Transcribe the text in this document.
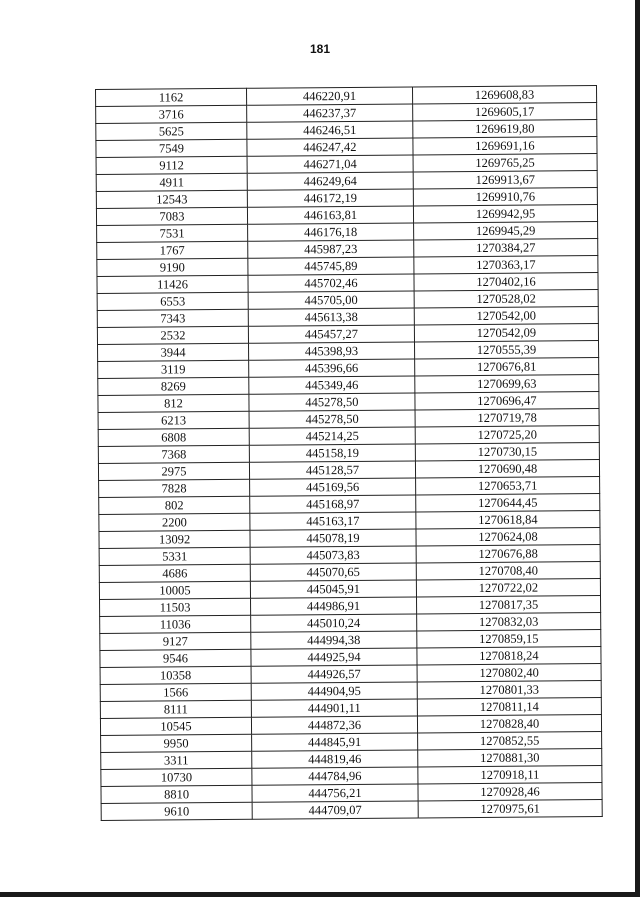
181
1162	446220,91	1269608,83
3716	446237,37	1269605,17
5625	446246,51	1269619,80
7549	446247,42	1269691,16
9112	446271,04	1269765,25
4911	446249,64	1269913,67
12543	446172,19	1269910,76
7083	446163,81	1269942,95
7531	446176,18	1269945,29
1767	445987,23	1270384,27
9190	445745,89	1270363,17
11426	445702,46	1270402,16
6553	445705,00	1270528,02
7343	445613,38	1270542,00
2532	445457,27	1270542,09
3944	445398,93	1270555,39
3119	445396,66	1270676,81
8269	445349,46	1270699,63
812	445278,50	1270696,47
6213	445278,50	1270719,78
6808	445214,25	1270725,20
7368	445158,19	1270730,15
2975	445128,57	1270690,48
7828	445169,56	1270653,71
802	445168,97	1270644,45
2200	445163,17	1270618,84
13092	445078,19	1270624,08
5331	445073,83	1270676,88
4686	445070,65	1270708,40
10005	445045,91	1270722,02
11503	444986,91	1270817,35
11036	445010,24	1270832,03
9127	444994,38	1270859,15
9546	444925,94	1270818,24
10358	444926,57	1270802,40
1566	444904,95	1270801,33
8111	444901,11	1270811,14
10545	444872,36	1270828,40
9950	444845,91	1270852,55
3311	444819,46	1270881,30
10730	444784,96	1270918,11
8810	444756,21	1270928,46
9610	444709,07	1270975,61
